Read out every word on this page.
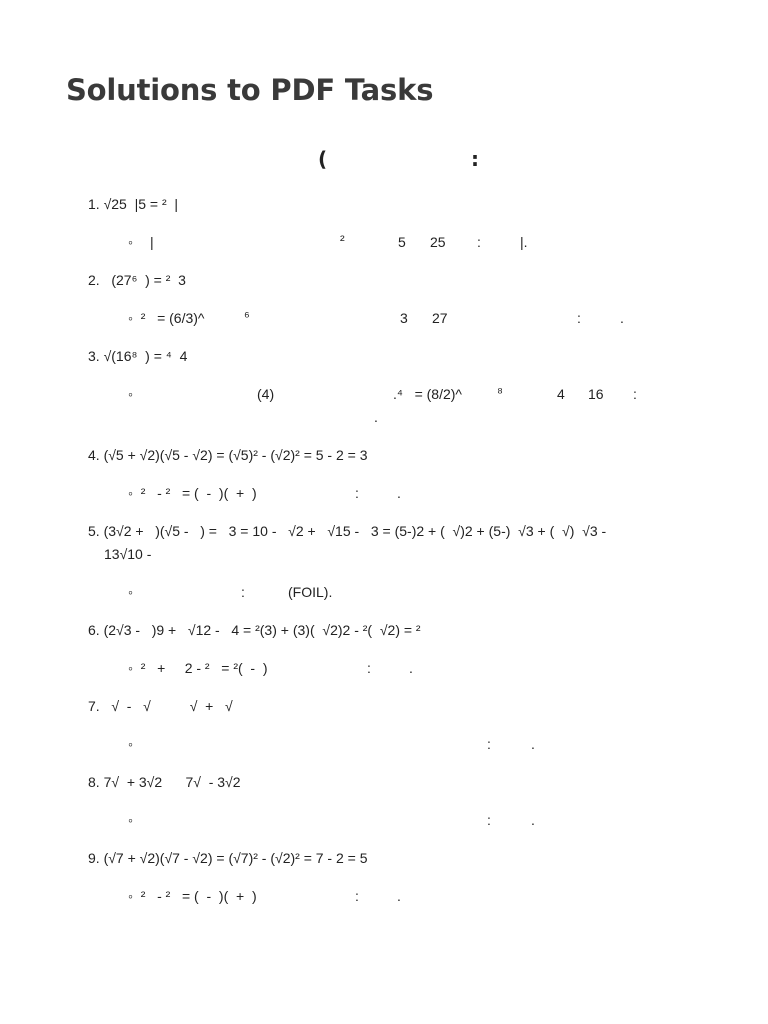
Solutions to PDF Tasks
(	:
1. √25  |5 = ²  |
◦ |	²	5 25 :	|.
2.   (27⁶  ) = ²  3
◦  ²   = (6/3)^	⁶	3 27	:	.
3. √(16⁸  ) = ⁴  4
◦	(4)	.⁴   = (8/2)^	⁸	4 16 :
.
4. (√5 + √2)(√5 - √2) = (√5)² - (√2)² = 5 - 2 = 3
◦  ²   - ²   = (  -  )(  +  )	:	.
5. (3√2 +   )(√5 -   ) =   3 = 10 -   √2 +   √15 -   3 = (5-)2 + (  √)2 + (5-)  √3 + (  √)  √3 -
13√10 -
◦	:	(FOIL).
6. (2√3 -   )9 +   √12 -   4 = ²(3) + (3)(  √2)2 - ²(  √2) = ²
◦  ²   +     2 - ²   = ²(  -  )	:	.
7.   √  -   √          √  +   √
◦	:	.
8. 7√  + 3√2      7√  - 3√2
◦	:	.
9. (√7 + √2)(√7 - √2) = (√7)² - (√2)² = 7 - 2 = 5
◦  ²   - ²   = (  -  )(  +  )	:	.
